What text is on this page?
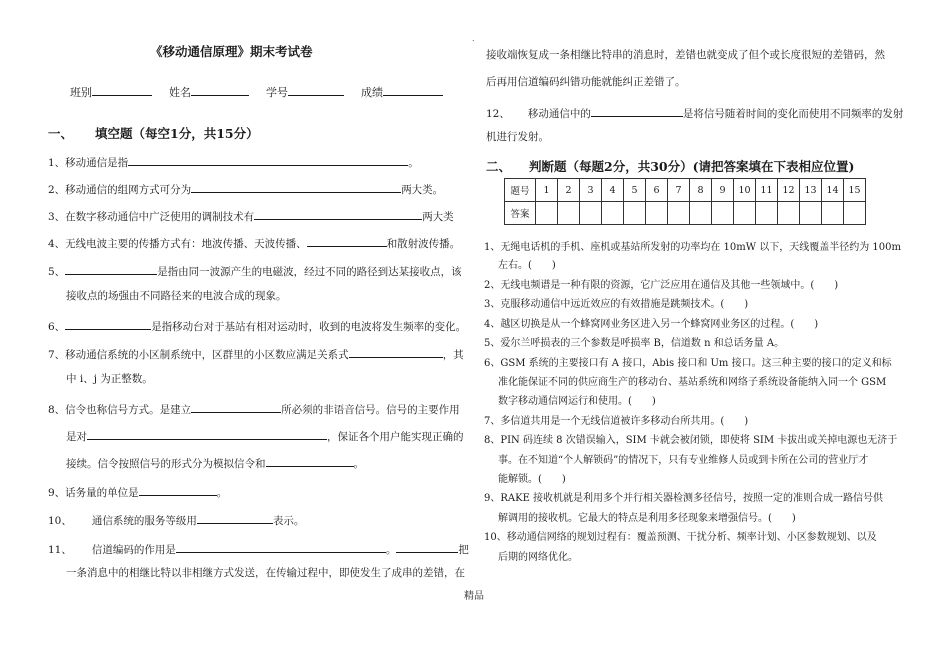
.
《移动通信原理》期末考试卷
班别	姓名	学号	成绩
一、 填空题（每空1分，共15分）
1、移动通信是指	。
2、移动通信的组网方式可分为	两大类。
3、在数字移动通信中广泛使用的调制技术有	两大类
4、无线电波主要的传播方式有：地波传播、天波传播、	和散射波传播。
5、	是指由同一波源产生的电磁波，经过不同的路径到达某接收点，该
接收点的场强由不同路径来的电波合成的现象。
6、	是指移动台对于基站有相对运动时，收到的电波将发生频率的变化。
7、移动通信系统的小区制系统中，区群里的小区数应满足关系式	，其
中 i、j 为正整数。
8、信令也称信号方式。是建立	所必须的非语音信号。信号的主要作用
是对	，保证各个用户能实现正确的
接续。信令按照信号的形式分为模拟信令和	。
9、话务量的单位是	。
10、 通信系统的服务等级用	表示。
11、 信道编码的作用是	。	把
一条消息中的相继比特以非相继方式发送，在传输过程中，即使发生了成串的差错，在
接收端恢复成一条相继比特串的消息时，差错也就变成了但个或长度很短的差错码，然
后再用信道编码纠错功能就能纠正差错了。
12、 移动通信中的	是将信号随着时间的变化而使用不同频率的发射
机进行发射。
二、 判断题（每题2分，共30分）(请把答案填在下表相应位置)
题号	1	2	3	4	5	6	7	8	9	10	11	12	13	14	15
答案															
1、无绳电话机的手机、座机或基站所发射的功率均在 10mW 以下，天线覆盖半径约为 100m
左右。(　　)
2、无线电频谱是一种有限的资源，它广泛应用在通信及其他一些领域中。(　　)
3、克服移动通信中远近效应的有效措施是跳频技术。(　　)
4、越区切换是从一个蜂窝网业务区进入另一个蜂窝网业务区的过程。(　　)
5、爱尔兰呼损表的三个参数是呼损率 B，信道数 n 和总话务量 A。
6、GSM 系统的主要接口有 A 接口，Abis 接口和 Um 接口。这三种主要的接口的定义和标
准化能保证不同的供应商生产的移动台、基站系统和网络子系统设备能纳入同一个 GSM
数字移动通信网运行和使用。(　　)
7、多信道共用是一个无线信道被许多移动台所共用。(　　)
8、PIN 码连续 8 次错误输入，SIM 卡就会被闭锁，即使将 SIM 卡拔出或关掉电源也无济于
事。在不知道“个人解锁码”的情况下，只有专业维修人员或到卡所在公司的营业厅才
能解锁。(　　)
9、RAKE 接收机就是利用多个并行相关器检测多径信号，按照一定的准则合成一路信号供
解调用的接收机。它最大的特点是利用多径现象来增强信号。(　　)
10、移动通信网络的规划过程有：覆盖预测、干扰分析、频率计划、小区参数规划、以及
后期的网络优化。
精品
